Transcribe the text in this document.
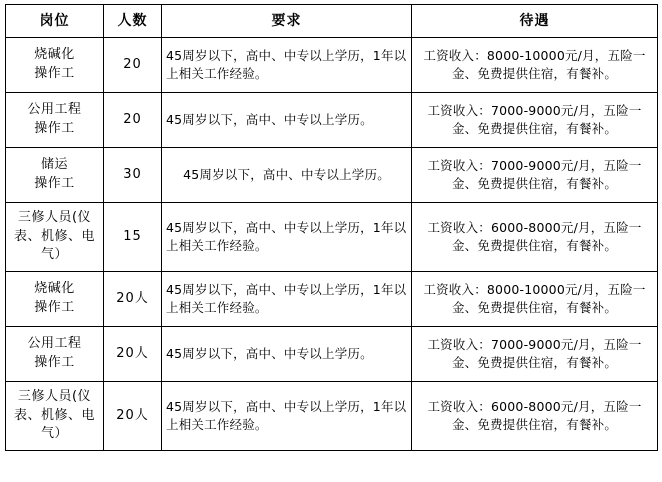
岗位	人数	要求	待遇
烧碱化
操作工	20	45周岁以下，高中、中专以上学历，1年以上相关工作经验。	工资收入：8000-10000元/月，五险一金、免费提供住宿，有餐补。
公用工程
操作工	20	45周岁以下，高中、中专以上学历。	工资收入：7000-9000元/月，五险一金、免费提供住宿，有餐补。
储运
操作工	30	45周岁以下，高中、中专以上学历。	工资收入：7000-9000元/月，五险一金、免费提供住宿，有餐补。
三修人员(仪表、机修、电气）	15	45周岁以下，高中、中专以上学历，1年以上相关工作经验。	工资收入：6000-8000元/月，五险一金、免费提供住宿，有餐补。
烧碱化
操作工	20人	45周岁以下，高中、中专以上学历，1年以上相关工作经验。	工资收入：8000-10000元/月，五险一金、免费提供住宿，有餐补。
公用工程
操作工	20人	45周岁以下，高中、中专以上学历。	工资收入：7000-9000元/月，五险一金、免费提供住宿，有餐补。
三修人员(仪表、机修、电气）	20人	45周岁以下，高中、中专以上学历，1年以上相关工作经验。	工资收入：6000-8000元/月，五险一金、免费提供住宿，有餐补。
